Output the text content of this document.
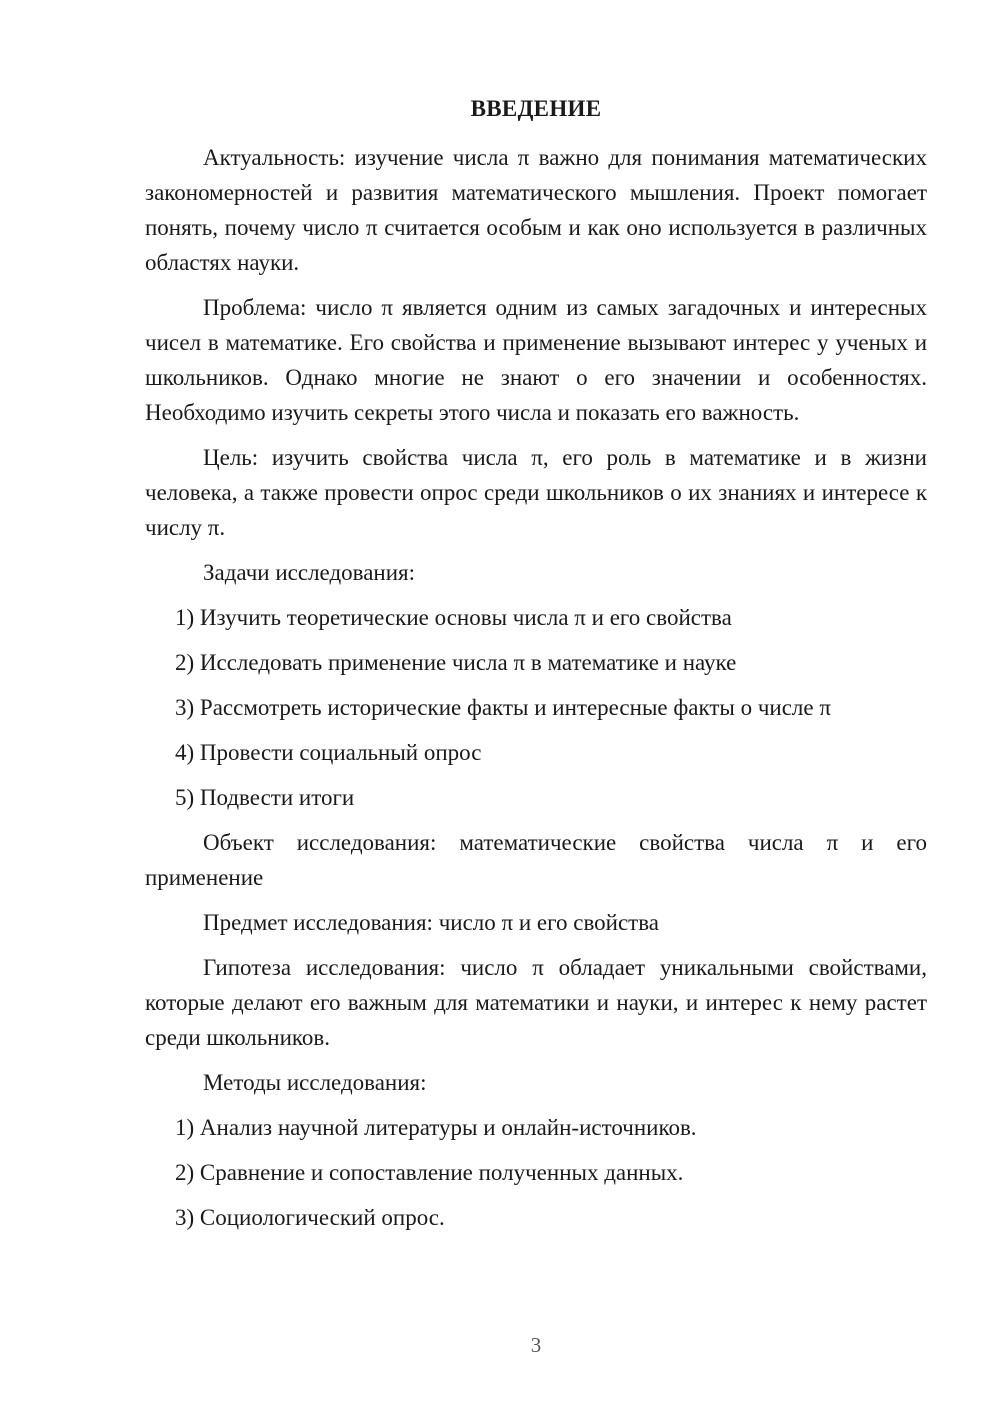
ВВЕДЕНИЕ

Актуальность: изучение числа π важно для понимания математических закономерностей и развития математического мышления. Проект помогает понять, почему число π считается особым и как оно используется в различных областях науки.

Проблема: число π является одним из самых загадочных и интересных чисел в математике. Его свойства и применение вызывают интерес у ученых и школьников. Однако многие не знают о его значении и особенностях. Необходимо изучить секреты этого числа и показать его важность.

Цель: изучить свойства числа π, его роль в математике и в жизни человека, а также провести опрос среди школьников о их знаниях и интересе к числу π.

Задачи исследования:

1) Изучить теоретические основы числа π и его свойства

2) Исследовать применение числа π в математике и науке

3) Рассмотреть исторические факты и интересные факты о числе π

4) Провести социальный опрос

5) Подвести итоги

Объект исследования: математические свойства числа π и его применение

Предмет исследования: число π и его свойства

Гипотеза исследования: число π обладает уникальными свойствами, которые делают его важным для математики и науки, и интерес к нему растет среди школьников.

Методы исследования:

1) Анализ научной литературы и онлайн-источников.

2) Сравнение и сопоставление полученных данных.

3) Социологический опрос.

3
